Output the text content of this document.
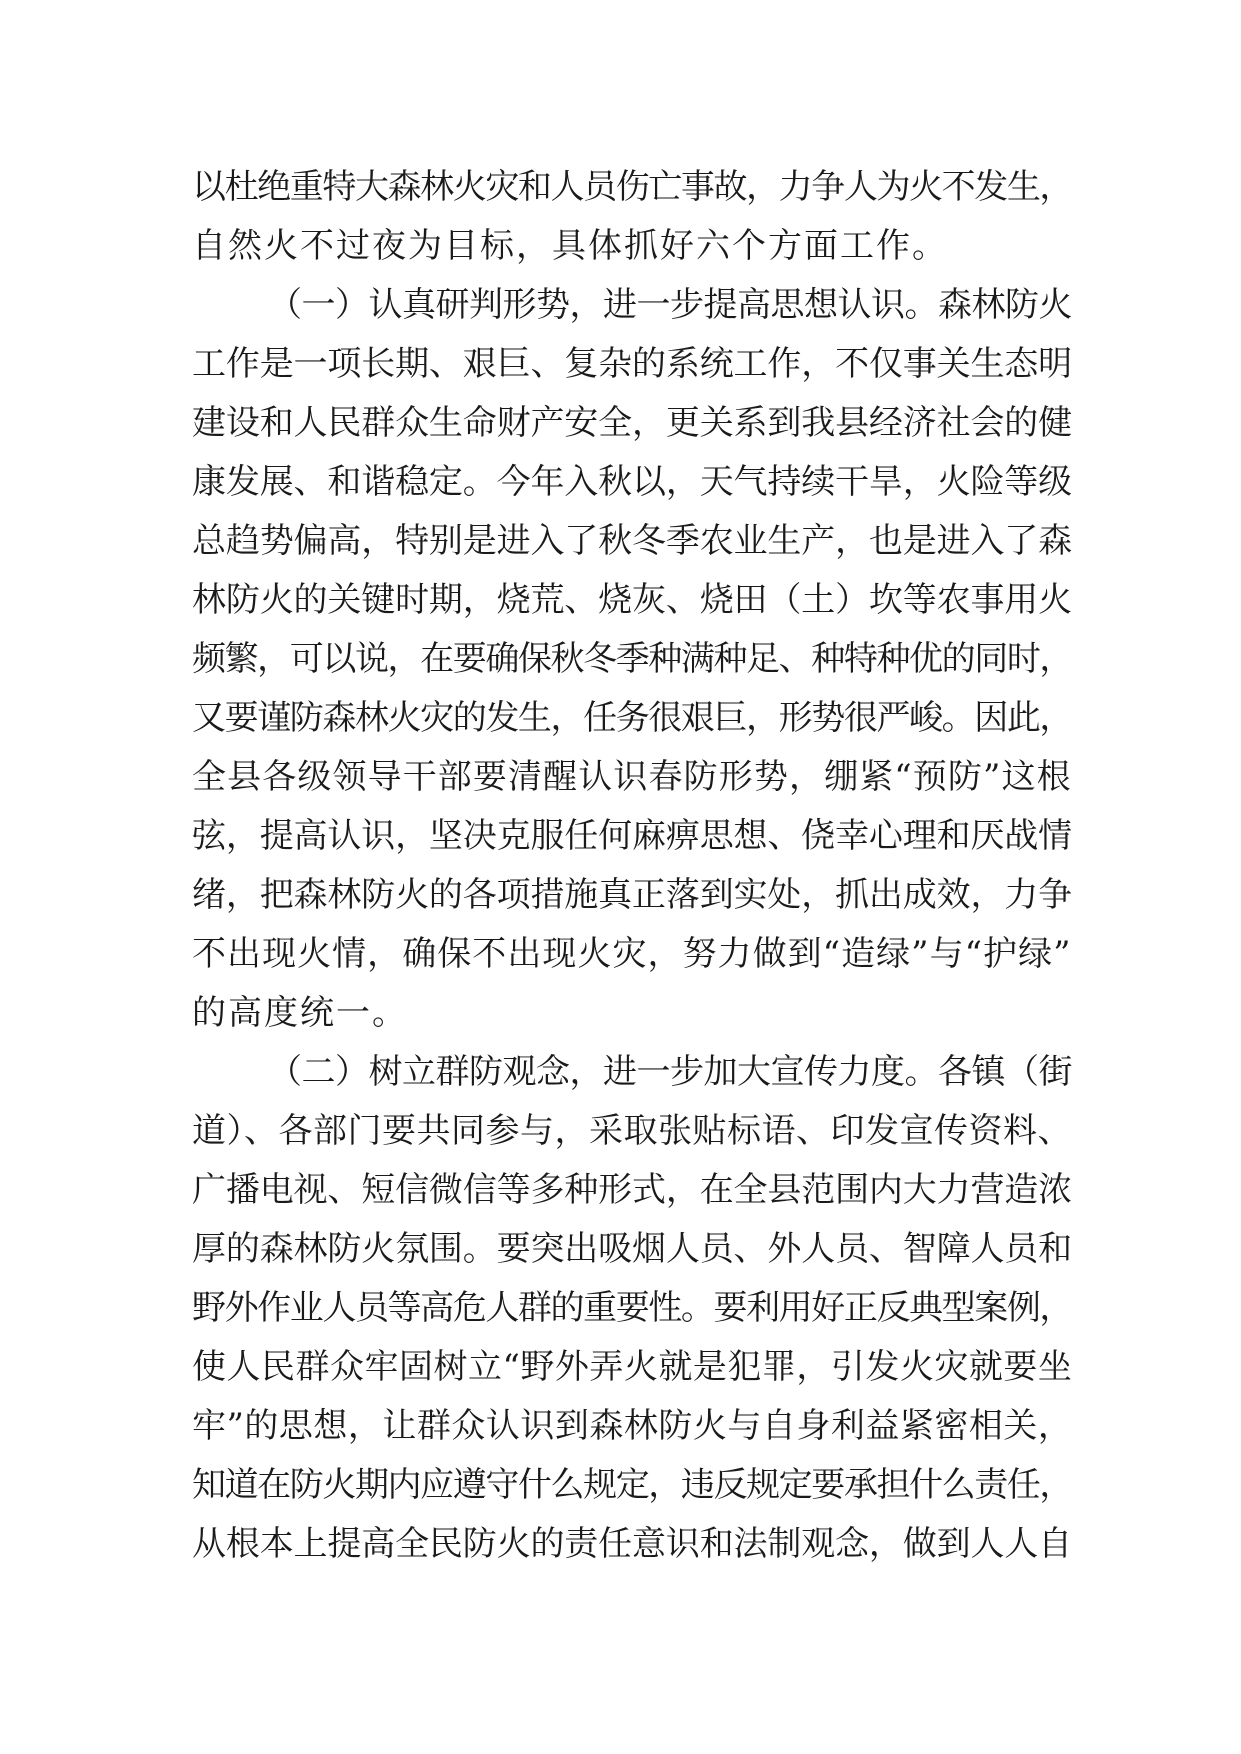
以杜绝重特大森林火灾和人员伤亡事故，力争人为火不发生，
自然火不过夜为目标，具体抓好六个方面工作。
（一）认真研判形势，进一步提高思想认识。森林防火
工作是一项长期、艰巨、复杂的系统工作，不仅事关生态明
建设和人民群众生命财产安全，更关系到我县经济社会的健
康发展、和谐稳定。今年入秋以，天气持续干旱，火险等级
总趋势偏高，特别是进入了秋冬季农业生产，也是进入了森
林防火的关键时期，烧荒、烧灰、烧田（土）坎等农事用火
频繁，可以说，在要确保秋冬季种满种足、种特种优的同时，
又要谨防森林火灾的发生，任务很艰巨，形势很严峻。因此，
全县各级领导干部要清醒认识春防形势，绷紧“预防”这根
弦，提高认识，坚决克服任何麻痹思想、侥幸心理和厌战情
绪，把森林防火的各项措施真正落到实处，抓出成效，力争
不出现火情，确保不出现火灾，努力做到“造绿”与“护绿”
的高度统一。
（二）树立群防观念，进一步加大宣传力度。各镇（街
道）、各部门要共同参与，采取张贴标语、印发宣传资料、
广播电视、短信微信等多种形式，在全县范围内大力营造浓
厚的森林防火氛围。要突出吸烟人员、外人员、智障人员和
野外作业人员等高危人群的重要性。要利用好正反典型案例，
使人民群众牢固树立“野外弄火就是犯罪，引发火灾就要坐
牢”的思想，让群众认识到森林防火与自身利益紧密相关，
知道在防火期内应遵守什么规定，违反规定要承担什么责任，
从根本上提高全民防火的责任意识和法制观念，做到人人自
